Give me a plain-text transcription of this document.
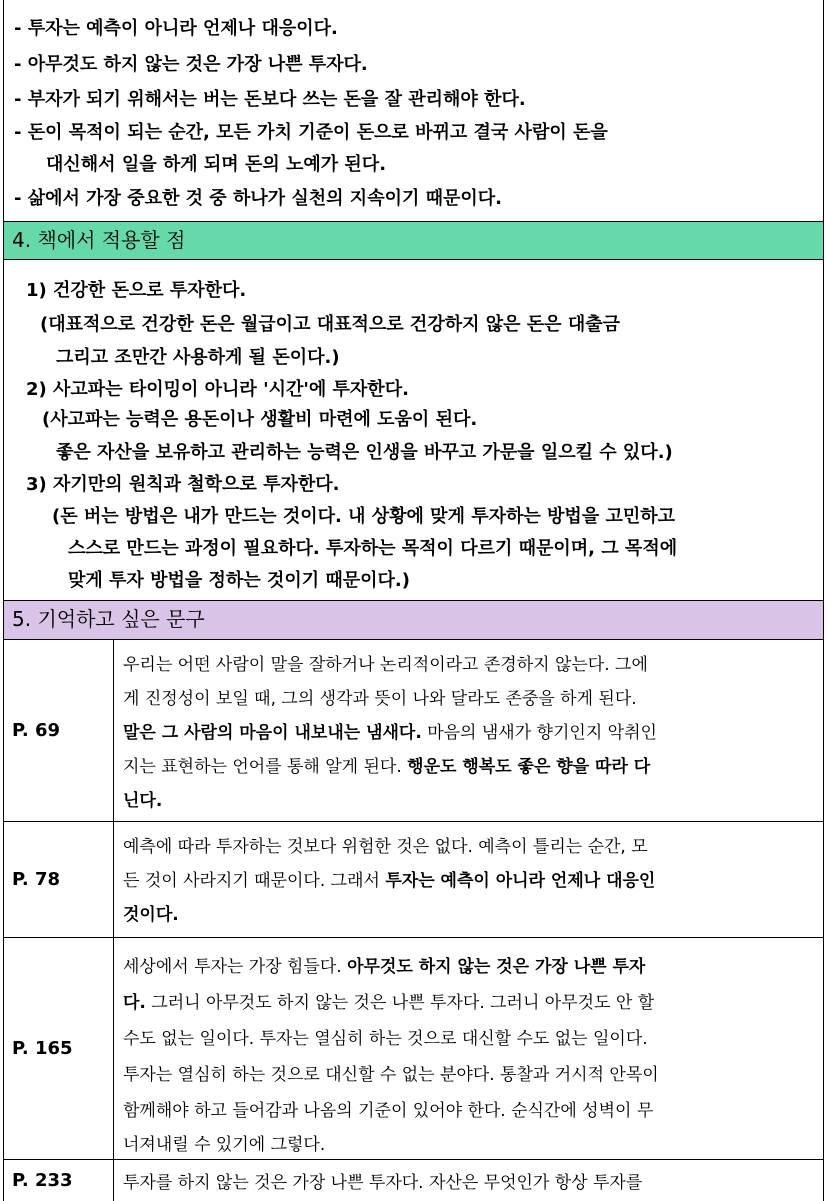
- 투자는 예측이 아니라 언제나 대응이다.
- 아무것도 하지 않는 것은 가장 나쁜 투자다.
- 부자가 되기 위해서는 버는 돈보다 쓰는 돈을 잘 관리해야 한다.
- 돈이 목적이 되는 순간, 모든 가치 기준이 돈으로 바뀌고 결국 사람이 돈을
대신해서 일을 하게 되며 돈의 노예가 된다.
- 삶에서 가장 중요한 것 중 하나가 실천의 지속이기 때문이다.
4. 책에서 적용할 점
1) 건강한 돈으로 투자한다.
(대표적으로 건강한 돈은 월급이고 대표적으로 건강하지 않은 돈은 대출금
그리고 조만간 사용하게 될 돈이다.)
2) 사고파는 타이밍이 아니라 '시간'에 투자한다.
(사고파는 능력은 용돈이나 생활비 마련에 도움이 된다.
좋은 자산을 보유하고 관리하는 능력은 인생을 바꾸고 가문을 일으킬 수 있다.)
3) 자기만의 원칙과 철학으로 투자한다.
(돈 버는 방법은 내가 만드는 것이다. 내 상황에 맞게 투자하는 방법을 고민하고
스스로 만드는 과정이 필요하다. 투자하는 목적이 다르기 때문이며, 그 목적에
맞게 투자 방법을 정하는 것이기 때문이다.)
5. 기억하고 싶은 문구
P. 69
우리는 어떤 사람이 말을 잘하거나 논리적이라고 존경하지 않는다. 그에
게 진정성이 보일 때, 그의 생각과 뜻이 나와 달라도 존중을 하게 된다.
말은 그 사람의 마음이 내보내는 냄새다. 마음의 냄새가 향기인지 악취인
지는 표현하는 언어를 통해 알게 된다. 행운도 행복도 좋은 향을 따라 다
닌다.
P. 78
예측에 따라 투자하는 것보다 위험한 것은 없다. 예측이 틀리는 순간, 모
든 것이 사라지기 때문이다. 그래서 투자는 예측이 아니라 언제나 대응인
것이다.
P. 165
세상에서 투자는 가장 힘들다. 아무것도 하지 않는 것은 가장 나쁜 투자
다. 그러니 아무것도 하지 않는 것은 나쁜 투자다. 그러니 아무것도 안 할
수도 없는 일이다. 투자는 열심히 하는 것으로 대신할 수도 없는 일이다.
투자는 열심히 하는 것으로 대신할 수 없는 분야다. 통찰과 거시적 안목이
함께해야 하고 들어감과 나옴의 기준이 있어야 한다. 순식간에 성벽이 무
너져내릴 수 있기에 그렇다.
P. 233	투자를 하지 않는 것은 가장 나쁜 투자다. 자산은 무엇인가 항상 투자를
